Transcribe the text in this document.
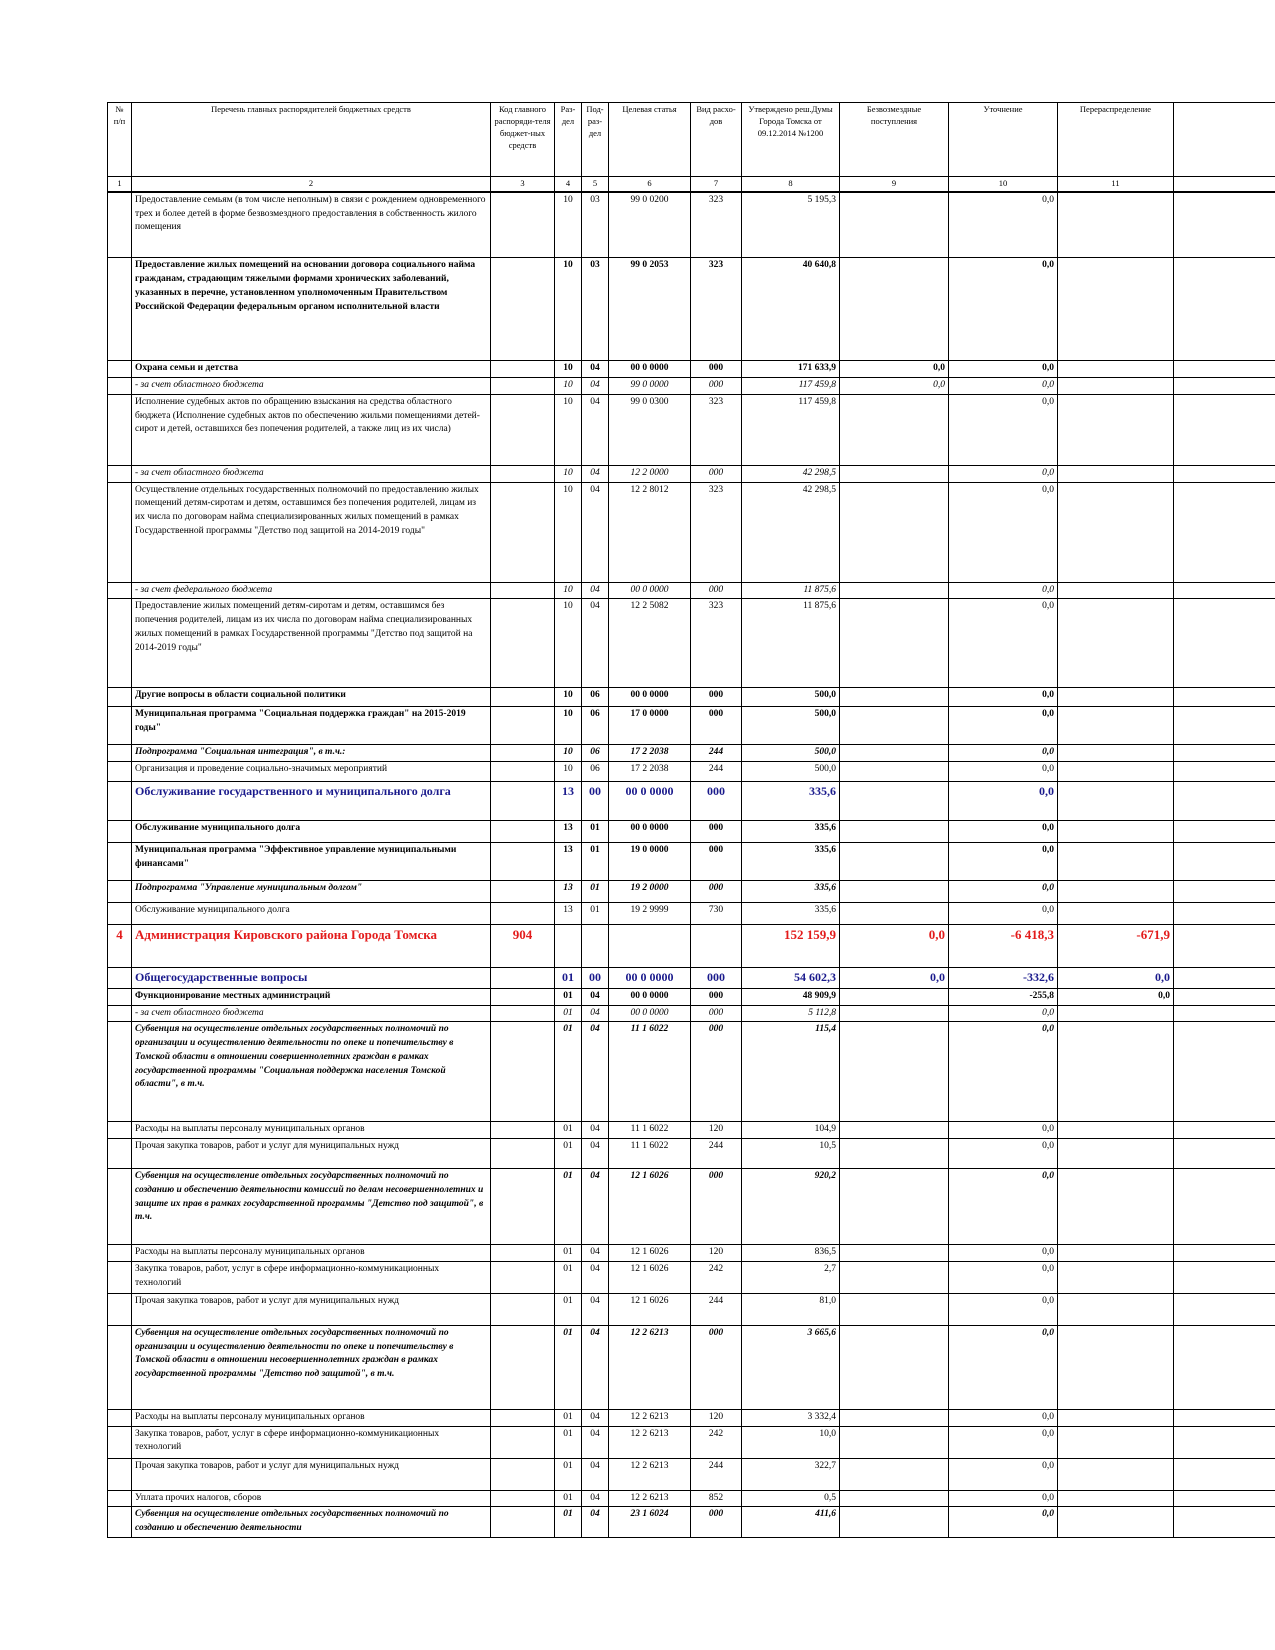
№ п/п	Перечень главных распорядителей бюджетных средств	Код главного распоряди-теля бюджет-ных средств	Раз-дел	Под-раз-дел	Целевая статья	Вид расхо-дов	Утверждено реш.Думы Города Томска от 09.12.2014 №1200	Безвозмездные поступления	Уточнение	Перераспределение	
1	2	3	4	5	6	7	8	9	10	11	
	Предоставление семьям (в том числе неполным) в связи с рождением одновременного трех и более детей в форме безвозмездного предоставления в собственность жилого помещения		10	03	99 0 0200	323	5 195,3		0,0		
	Предоставление жилых помещений на основании договора социального найма гражданам, страдающим тяжелыми формами хронических заболеваний, указанных в перечне, установленном уполномоченным Правительством Российской Федерации федеральным органом исполнительной власти		10	03	99 0 2053	323	40 640,8		0,0		
	Охрана семьи и детства		10	04	00 0 0000	000	171 633,9	0,0	0,0		
	- за счет областного бюджета		10	04	99 0 0000	000	117 459,8	0,0	0,0		
	Исполнение судебных актов по обращению взыскания на средства областного бюджета (Исполнение судебных актов по обеспечению жильми помещениями детей-сирот и детей, оставшихся без попечения родителей, а также лиц из их числа)		10	04	99 0 0300	323	117 459,8		0,0		
	- за счет областного бюджета		10	04	12 2 0000	000	42 298,5		0,0		
	Осуществление отдельных государственных полномочий по предоставлению жилых помещений детям-сиротам и детям, оставшимся без попечения родителей, лицам из их числа по договорам найма специализированных жилых помещений в рамках Государственной программы "Детство под защитой на 2014-2019 годы"		10	04	12 2 8012	323	42 298,5		0,0		
	- за счет федерального бюджета		10	04	00 0 0000	000	11 875,6		0,0		
	Предоставление жилых помещений детям-сиротам и детям, оставшимся без попечения родителей, лицам из их числа по договорам найма специализированных жилых помещений в рамках Государственной программы "Детство под защитой на 2014-2019 годы"		10	04	12 2 5082	323	11 875,6		0,0		
	Другие вопросы в области социальной политики		10	06	00 0 0000	000	500,0		0,0		
	Муниципальная программа "Социальная поддержка граждан" на 2015-2019 годы"		10	06	17 0 0000	000	500,0		0,0		
	Подпрограмма "Социальная интеграция", в т.ч.:		10	06	17 2 2038	244	500,0		0,0		
	Организация и проведение социально-значимых мероприятий		10	06	17 2 2038	244	500,0		0,0		
	Обслуживание государственного и муниципального долга		13	00	00 0 0000	000	335,6		0,0		
	Обслуживание муниципального долга		13	01	00 0 0000	000	335,6		0,0		
	Муниципальная программа "Эффективное управление муниципальными финансами"		13	01	19 0 0000	000	335,6		0,0		
	Подпрограмма "Управление муниципальным долгом"		13	01	19 2 0000	000	335,6		0,0		
	Обслуживание муниципального долга		13	01	19 2 9999	730	335,6		0,0		
4	Администрация Кировского района Города Томска	904					152 159,9	0,0	-6 418,3	-671,9	
	Общегосударственные вопросы		01	00	00 0 0000	000	54 602,3	0,0	-332,6	0,0	
	Функционирование местных администраций		01	04	00 0 0000	000	48 909,9		-255,8	0,0	
	- за счет областного бюджета		01	04	00 0 0000	000	5 112,8		0,0		
	Субвенция на осуществление отдельных государственных полномочий по организации и осуществлению деятельности по опеке и попечительству в Томской области в отношении совершеннолетних граждан в рамках государственной программы "Социальная поддержка населения Томской области", в т.ч.		01	04	11 1 6022	000	115,4		0,0		
	Расходы на выплаты персоналу муниципальных органов		01	04	11 1 6022	120	104,9		0,0		
	Прочая закупка товаров, работ и услуг для муниципальных нужд		01	04	11 1 6022	244	10,5		0,0		
	Субвенция на осуществление отдельных государственных полномочий по созданию и обеспечению деятельности комиссий по делам несовершеннолетних и защите их прав в рамках государственной программы "Детство под защитой", в т.ч.		01	04	12 1 6026	000	920,2		0,0		
	Расходы на выплаты персоналу муниципальных органов		01	04	12 1 6026	120	836,5		0,0		
	Закупка товаров, работ, услуг в сфере информационно-коммуникационных технологий		01	04	12 1 6026	242	2,7		0,0		
	Прочая закупка товаров, работ и услуг для муниципальных нужд		01	04	12 1 6026	244	81,0		0,0		
	Субвенция на осуществление отдельных государственных полномочий по организации и осуществлению деятельности по опеке и попечительству в Томской области в отношении несовершеннолетних граждан в рамках государственной программы "Детство под защитой", в т.ч.		01	04	12 2 6213	000	3 665,6		0,0		
	Расходы на выплаты персоналу муниципальных органов		01	04	12 2 6213	120	3 332,4		0,0		
	Закупка товаров, работ, услуг в сфере информационно-коммуникационных технологий		01	04	12 2 6213	242	10,0		0,0		
	Прочая закупка товаров, работ и услуг для муниципальных нужд		01	04	12 2 6213	244	322,7		0,0		
	Уплата прочих налогов, сборов		01	04	12 2 6213	852	0,5		0,0		
	Субвенция на осуществление отдельных государственных полномочий по созданию и обеспечению деятельности		01	04	23 1 6024	000	411,6		0,0		
